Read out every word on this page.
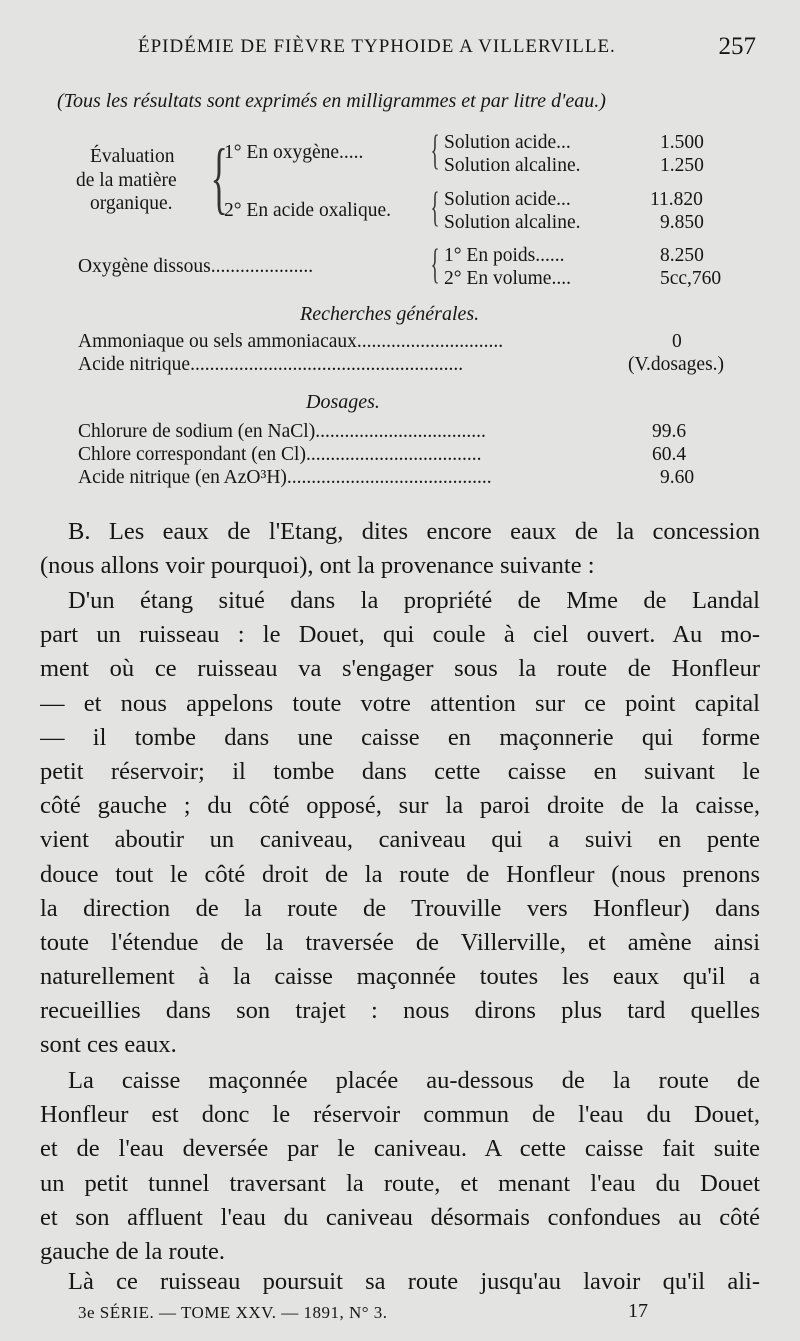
ÉPIDÉMIE DE FIÈVRE TYPHOIDE A VILLERVILLE.	257
(Tous les résultats sont exprimés en milligrammes et par litre d'eau.)
Évaluation
de la matière
organique. {
1° En oxygène..... { Solution acide...	1.500
Solution alcaline.	1.250
2° En acide oxalique. { Solution acide...	11.820
Solution alcaline.	9.850
Oxygène dissous.....................	{ 1° En poids......	8.250
2° En volume....	5cc,760
Recherches générales.
Ammoniaque ou sels ammoniacaux..............................	0
Acide nitrique........................................................	(V.dosages.)
Dosages.
Chlorure de sodium (en NaCl)...................................	99.6
Chlore correspondant (en Cl)....................................	60.4
Acide nitrique (en AzO³H)..........................................	9.60
B. Les eaux de l'Etang, dites encore eaux de la concession
(nous allons voir pourquoi), ont la provenance suivante :
D'un étang situé dans la propriété de Mme de Landal
part un ruisseau : le Douet, qui coule à ciel ouvert. Au mo-
ment où ce ruisseau va s'engager sous la route de Honfleur
— et nous appelons toute votre attention sur ce point capital
— il tombe dans une caisse en maçonnerie qui forme
petit réservoir; il tombe dans cette caisse en suivant le
côté gauche ; du côté opposé, sur la paroi droite de la caisse,
vient aboutir un caniveau, caniveau qui a suivi en pente
douce tout le côté droit de la route de Honfleur (nous prenons
la direction de la route de Trouville vers Honfleur) dans
toute l'étendue de la traversée de Villerville, et amène ainsi
naturellement à la caisse maçonnée toutes les eaux qu'il a
recueillies dans son trajet : nous dirons plus tard quelles
sont ces eaux.
La caisse maçonnée placée au-dessous de la route de
Honfleur est donc le réservoir commun de l'eau du Douet,
et de l'eau deversée par le caniveau. A cette caisse fait suite
un petit tunnel traversant la route, et menant l'eau du Douet
et son affluent l'eau du caniveau désormais confondues au côté
gauche de la route.
Là ce ruisseau poursuit sa route jusqu'au lavoir qu'il ali-
3e SÉRIE. — TOME XXV. — 1891, N° 3.	17
